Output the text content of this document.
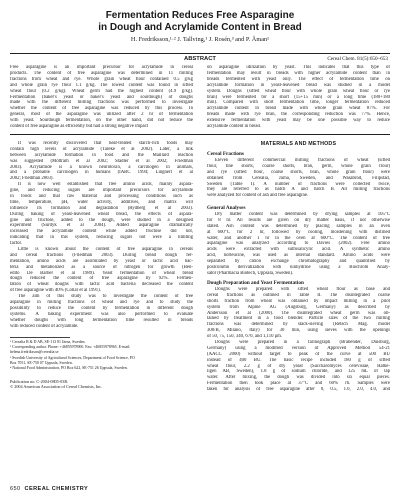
Fermentation Reduces Free Asparagine
in Dough and Acrylamide Content in Bread
H. Fredriksson,¹·² J. Tallving,¹ J. Rosén,³ and P. Åman¹
ABSTRACT	Cereal Chem. 81(5):650–653
Free asparagine is an important precursor for acrylamide in cereal
products. The content of free asparagine was determined in 11 milling
fractions from wheat and rye. Whole grain wheat flour contained 0.5 g/kg
and whole grain rye flour 1.1 g/kg. The lowest content was found in sifted
wheat flour (0.2 g/kg). Wheat germ had the highest content (4.9 g/kg).
Fermentation (baker's yeast or baker's yeast and sourdough) of doughs
made with the different milling fractions was performed to investigate
whether the content of free asparagine was reduced by this process. In
general, most of the asparagine was utilized after 2 hr of fermentation
with yeast. Sourdough fermentation, on the other hand, did not reduce the
content of free asparagine as efficiently but had a strong negative impact
on asparagine utilization by yeast. This indicates that this type of
fermentation may result in breads with higher acrylamide content than in
breads fermented with yeast only. The effect of fermentation time on
acrylamide formation in yeast-leavened bread was studied in a model
system. Doughs (sifted wheat flour with whole grain wheat flour or rye
bran) were fermented for a short (15+15 min) or a long time (180+180
min). Compared with short fermentation time, longer fermentation reduced
acrylamide content in bread made with whole grain wheat 87%. For
breads made with rye bran, the corresponding reduction was 77%. Hence,
extensive fermentation with yeast may be one possible way to reduce
acrylamide content in bread.

It was recently discovered that heat-treated starch-rich foods may

contain high levels of acrylamide (Tareke et al 2002). Later, a link

between acrylamide formation in food and the Maillard reaction

was suggested (Mottram et al 2002; Stadler et al 2002; Friedman

2003). Acrylamide is a known neurotoxin, a carcinogen in animals,

and a probable carcinogen in humans (IARC 1994; Lingnert et al

2002; Friedman 2003).

It is now well established that free amino acids, mainly aspara-

gine, and reducing sugars are important precursors for acrylamide

in foods and that raw material and processing conditions such as

time, temperature, pH, water activity, additives, and matrix will

influence its formation and degradation (Rydberg et al 2003).

During baking of yeast-leavened wheat bread, the effects of aspara-

gine and fructose, added to the dough, were studied in a designed

experiment (Surdyk et al 2004). Added asparagine dramatically

increased the acrylamide content while added fructose did not,

indicating that in this system, reducing sugars not were a limiting

factor.

Little is known about the content of free asparagine in cereals

and cereal fractions (Friedman 2003). During bread dough fer-

mentation, amino acids are assimilated by yeast or lactic acid bac-

teria and metabolized as a source of nitrogen for growth (Ben-

edito De Barber et al 1989). Yeast fermentation of wheat bread

dough reduced the content of free asparagine by 92%. Fermen-

tation of wheat doughs with lactic acid bacteria decreased the content

of free asparagine with 40% (Collar et al 1991).

The aim of this study was to investigate the content of free

asparagine in milling fractions of wheat and rye and to study the

possibility to reduce the content by fermentation in different dough

systems. A baking experiment was also performed to evaluate

whether doughs with long fermentation time resulted in breads

with reduced content of acrylamide.

¹ Cerealia R & D AB, SE-113 81 Järna, Sweden.
² Corresponding author. Phone: +46855978900. Fax: +46855978965. E-mail:
helena.fredriksson@cerealia.se
³ Swedish University of Agricultural Sciences, Department of Food Science, PO
Box 7051, SE-750 07 Uppsala, Sweden.
⁴ National Food Administration, PO Box 622, SE-751 26 Uppsala, Sweden.
Publication no. C-2004-0805-03R.
© 2004 American Association of Cereal Chemists, Inc.
650 CEREAL CHEMISTRY
MATERIALS AND METHODS
Cereal Fractions

Eleven different commercial milling fractions of wheat (sifted

flour, fine shorts, coarse shorts, bran, germ, whole grain flour)

and rye (sifted flour, coarse shorts, bran, whole grain flour) were

obtained from Cerealia, Järna, Sweden, and Wasabröd, Filipstad,

Sweden (Table I). A number of fractions were collected twice,

they are referred to as batch A and batch B. All milling fractions

were analyzed for content of ash and free asparagine.

General Analyses

Dry matter content was determined by drying samples at 105°C

for 8 hr. All results are given on dry matter basis, if not otherwise

stated. Ash content was determined by placing samples in an oven

at 600°C for 2 hr, followed by cooling, moistening with distilled

water, and another 1 hr in the oven at 600°C. The content of free

asparagine was analyzed according to Davies (2002). Free amino

acids were extracted with sulfosalicylic acid. A synthetic amino

acid, norleucine, was used as internal standard. Amino acids were

separated by cation exchange chromatography and quantified by

postcolumn derivatization with ninhydrine using a Biochrom Analy-

sator (Pharmacia Biotech, Uppsala, Sweden).

Dough Preparation and Yeast Fermentation

Doughs were prepared with sifted wheat flour as base and

cereal fractions as outlined in Table II. The disintegrated coarse

shorts fraction from wheat was obtained by impact milling in a pilot

system from Alpine AG (Augsburg, Germany) as described by

Andersson et al (2000). The disintegrated wheat germ was ob-

tained by treatment in a food blender. Particle sizes of the two milling

fractions was determined by stack-sieving (Retsch Mag. model

300/B, Milano, Italy) for 30 min, using sieves with the openings

of 50, 75, 150, 340, 670, and 1,110 μm.

Doughs were prepared in a farinograph (Brabender, Duisburg,

Germany) using a modified version of Approved Method 54-21

(AACC 2000) without target to peak of the curve at 500 BU

instead of 400 BU. The basic recipe included 180 g of sifted

wheat flour, 2.2 g of dry yeast (Saccharomyces cerevisiae, Hathe-

ligen AB, Sweden), 1.8 g of sodium chloride, and 125 mL of tap

water. After mixing, the dough was divided into six equal pieces.

Fermentation then took place at 37°C and 60% rh. Samples were

taken for analysis of free asparagine after 0, 0.5, 1.0, 2.0, 4.0, and
